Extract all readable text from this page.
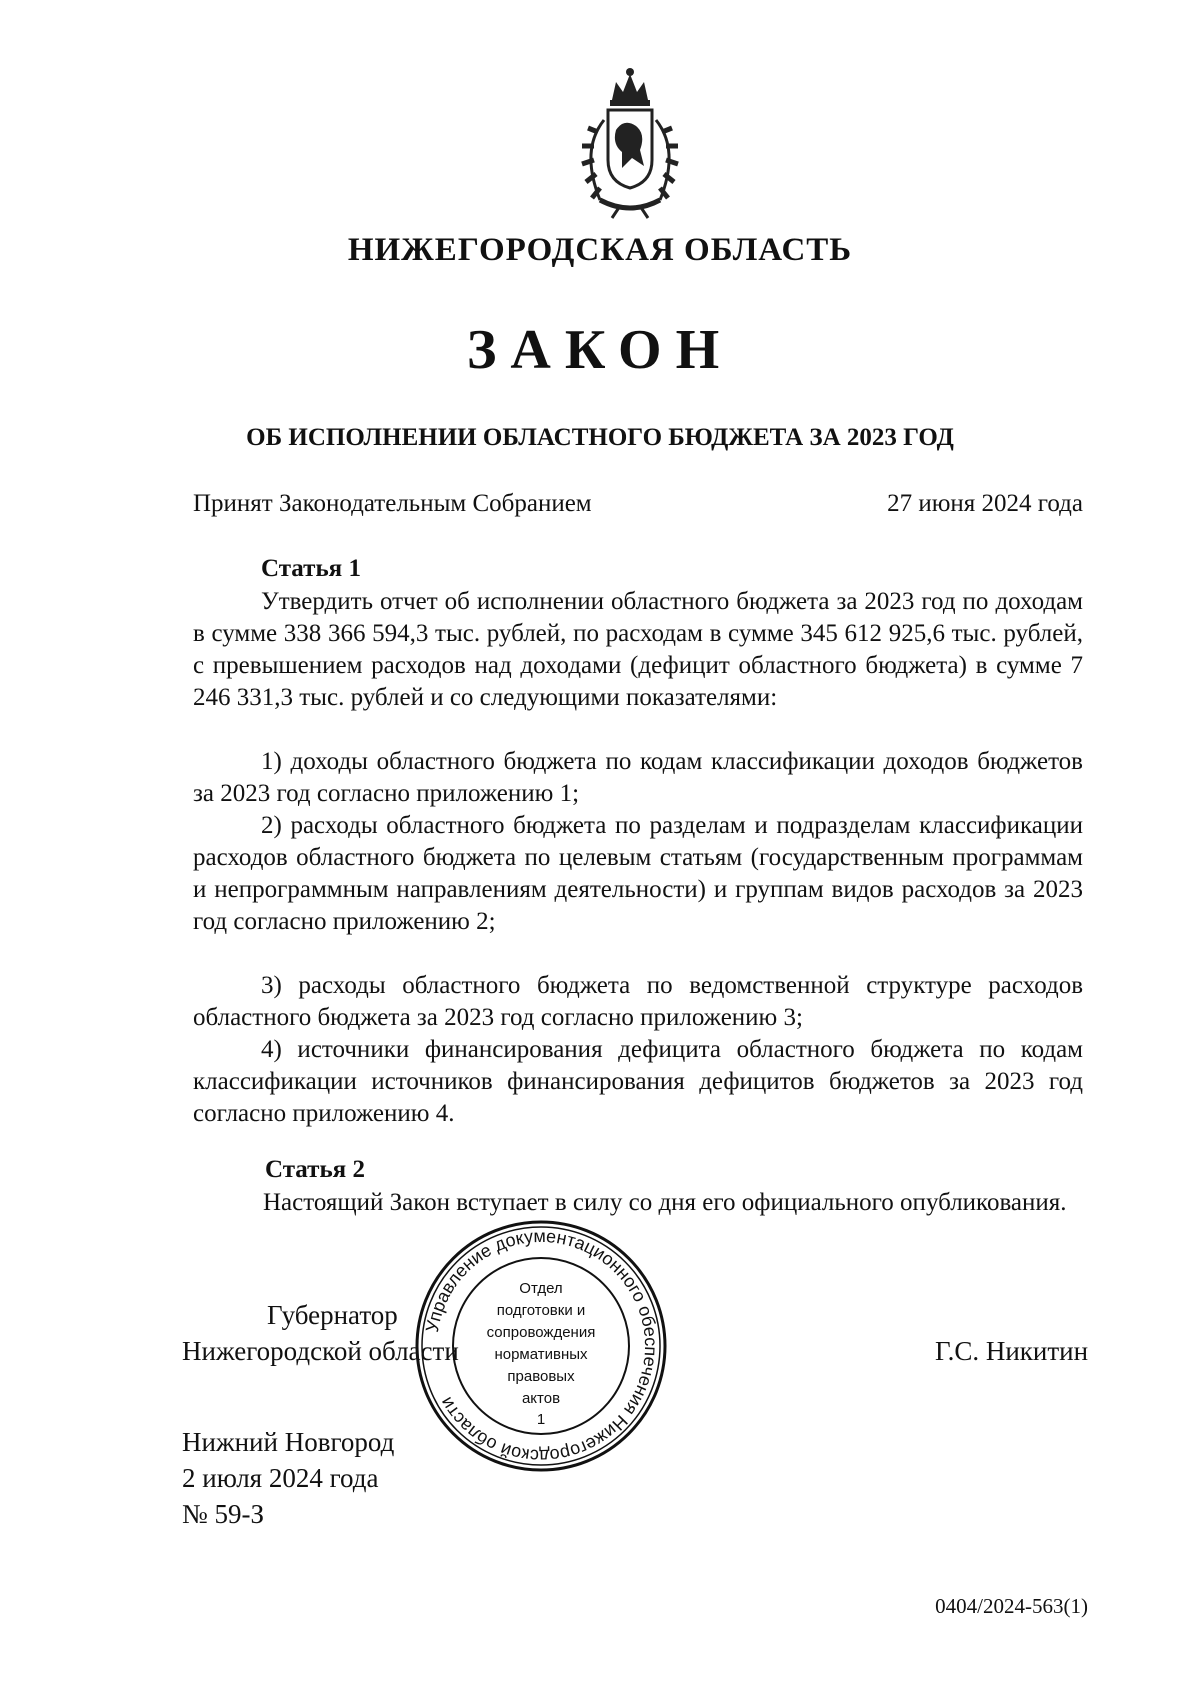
НИЖЕГОРОДСКАЯ ОБЛАСТЬ
ЗАКОН
ОБ ИСПОЛНЕНИИ ОБЛАСТНОГО БЮДЖЕТА ЗА 2023 ГОД
Принят Законодательным Собранием	27 июня 2024 года
Статья 1

Утвердить отчет об исполнении областного бюджета за 2023 год по доходам в сумме 338 366 594,3 тыс. рублей, по расходам в сумме 345 612 925,6 тыс. рублей, с превышением расходов над доходами (дефицит областного бюджета) в сумме 7 246 331,3 тыс. рублей и со следующими показателями:

1) доходы областного бюджета по кодам классификации доходов бюджетов за 2023 год согласно приложению 1;

2) расходы областного бюджета по разделам и подразделам классификации расходов областного бюджета по целевым статьям (государственным программам и непрограммным направлениям деятельности) и группам видов расходов за 2023 год согласно приложению 2;

3) расходы областного бюджета по ведомственной структуре расходов областного бюджета за 2023 год согласно приложению 3;

4) источники финансирования дефицита областного бюджета по кодам классификации источников финансирования дефицитов бюджетов за 2023 год согласно приложению 4.

Статья 2

Настоящий Закон вступает в силу со дня его официального опубликования.

Губернатор
Нижегородской области	Г.С. Никитин
Нижний Новгород
2 июля 2024 года
№ 59-З
Управление документационного обеспечения Нижегородской области
Отдел
подготовки и
сопровождения
нормативных
правовых
актов
1
0404/2024-563(1)
